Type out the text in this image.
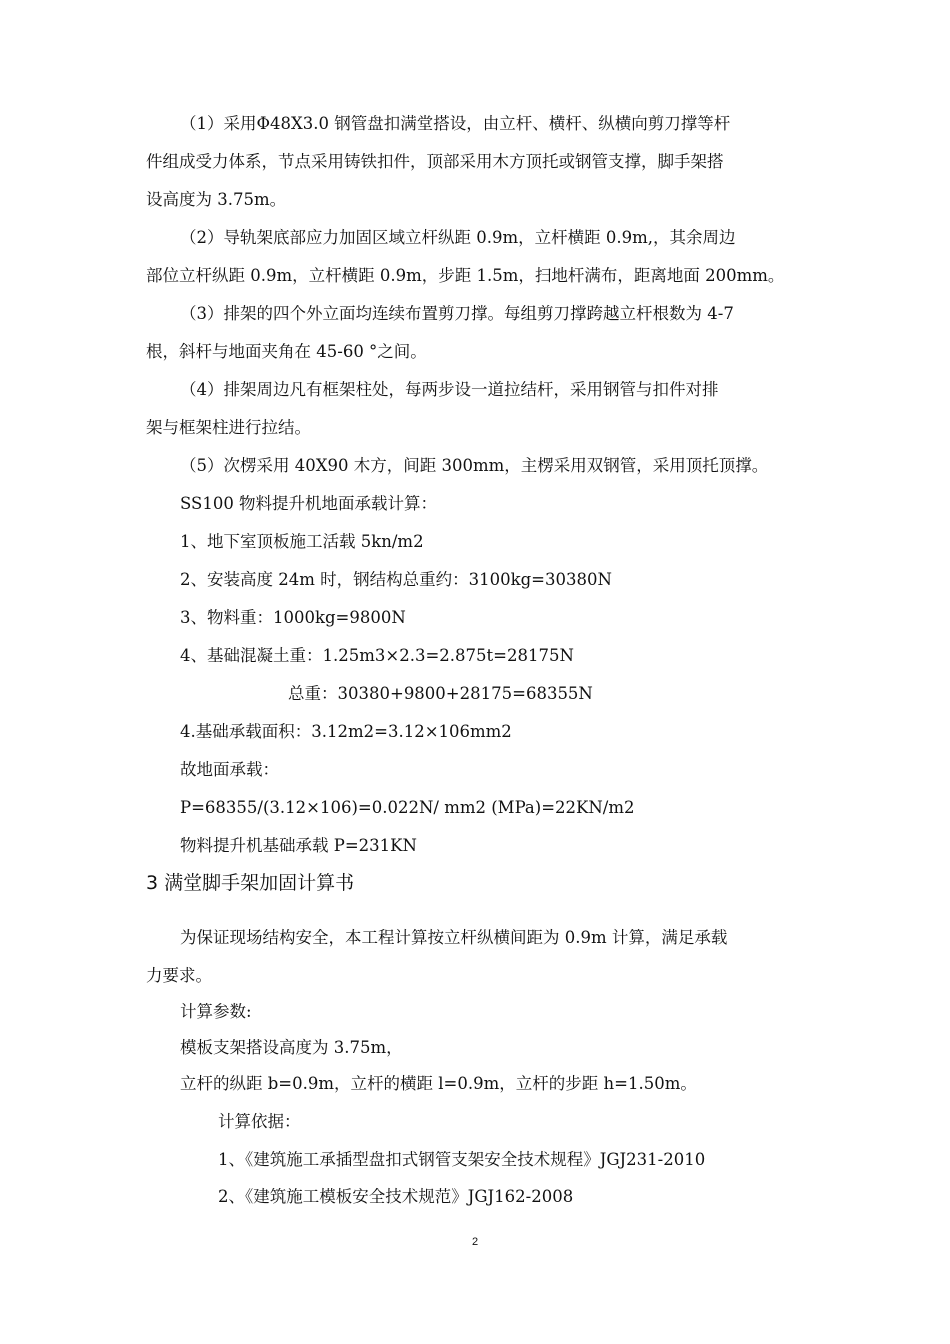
（1）采用Φ48X3.0 钢管盘扣满堂搭设，由立杆、横杆、纵横向剪刀撑等杆
件组成受力体系，节点采用铸铁扣件，顶部采用木方顶托或钢管支撑，脚手架搭
设高度为 3.75m。
（2）导轨架底部应力加固区域立杆纵距 0.9m，立杆横距 0.9m,，其余周边
部位立杆纵距 0.9m，立杆横距 0.9m，步距 1.5m，扫地杆满布，距离地面 200mm。
（3）排架的四个外立面均连续布置剪刀撑。每组剪刀撑跨越立杆根数为 4-7
根，斜杆与地面夹角在 45-60 °之间。
（4）排架周边凡有框架柱处，每两步设一道拉结杆，采用钢管与扣件对排
架与框架柱进行拉结。
（5）次楞采用 40X90 木方，间距 300mm，主楞采用双钢管，采用顶托顶撑。
SS100 物料提升机地面承载计算：
1、地下室顶板施工活载 5kn/m2
2、安装高度 24m 时，钢结构总重约：3100kg=30380N
3、物料重：1000kg=9800N
4、基础混凝土重：1.25m3×2.3=2.875t=28175N
总重：30380+9800+28175=68355N
4.基础承载面积：3.12m2=3.12×106mm2
故地面承载：
P=68355/(3.12×106)=0.022N/ mm2 (MPa)=22KN/m2
物料提升机基础承载 P=231KN
3 满堂脚手架加固计算书
为保证现场结构安全，本工程计算按立杆纵横间距为 0.9m 计算，满足承载
力要求。
计算参数:
模板支架搭设高度为 3.75m，
立杆的纵距 b=0.9m，立杆的横距 l=0.9m，立杆的步距 h=1.50m。
计算依据：
1、《建筑施工承插型盘扣式钢管支架安全技术规程》JGJ231-2010
2、《建筑施工模板安全技术规范》JGJ162-2008
2
